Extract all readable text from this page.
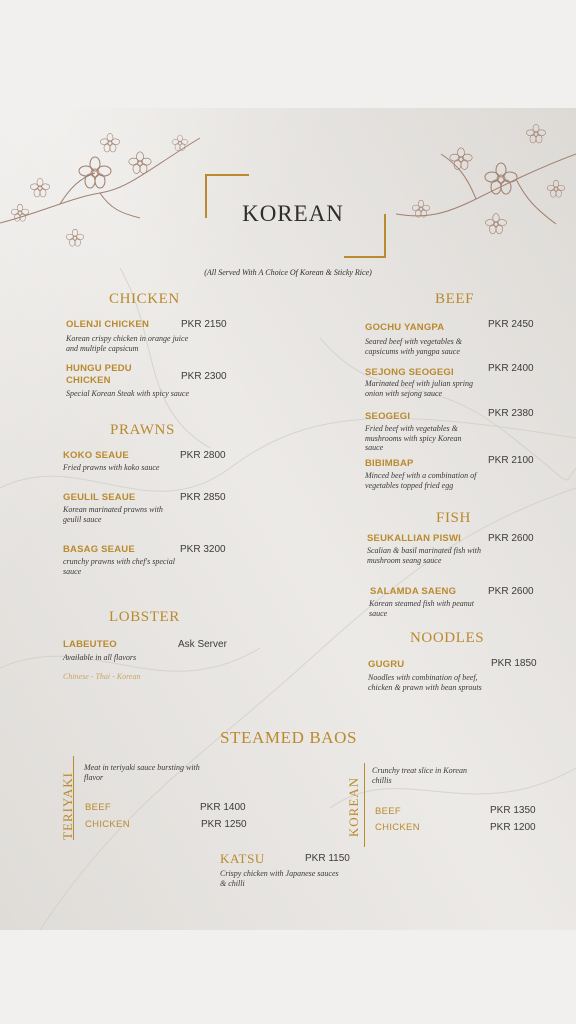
KOREAN
(All Served With A Choice Of Korean & Sticky Rice)
CHICKEN
OLENJI CHICKEN	PKR 2150
Korean crispy chicken in orange juice and multiple capsicum
HUNGU PEDU CHICKEN	PKR 2300
Special Korean Steak with spicy sauce
PRAWNS
KOKO SEAUE	PKR 2800
Fried prawns with koko sauce
GEULIL SEAUE	PKR 2850
Korean marinated prawns with geulil sauce
BASAG SEAUE	PKR 3200
crunchy prawns with chef's special sauce
LOBSTER
LABEUTEO	Ask Server
Available in all flavors
Chinese - Thai - Korean
BEEF
GOCHU YANGPA	PKR 2450
Seared beef with vegetables & capsicums with yangpa sauce
SEJONG SEOGEGI	PKR 2400
Marinated beef with julian spring onion with sejong sauce
SEOGEGI	PKR 2380
Fried beef with vegetables & mushrooms with spicy Korean sauce
BIBIMBAP	PKR 2100
Minced beef with a combination of vegetables topped fried egg
FISH
SEUKALLIAN PISWI	PKR 2600
Scalian & basil marinated fish with mushroom seang sauce
SALAMDA SAENG	PKR 2600
Korean steamed fish with peanut sauce
NOODLES
GUGRU	PKR 1850
Noodles with combination of beef, chicken & prawn with bean sprouts
STEAMED BAOS
TERIYAKI
Meat in teriyaki sauce bursting with flavor
BEEF	PKR 1400
CHICKEN	PKR 1250	KOREAN
Crunchy treat slice in Korean chillis
BEEF	PKR 1350
CHICKEN	PKR 1200
KATSU	PKR 1150
Crispy chicken with Japanese sauces & chilli
